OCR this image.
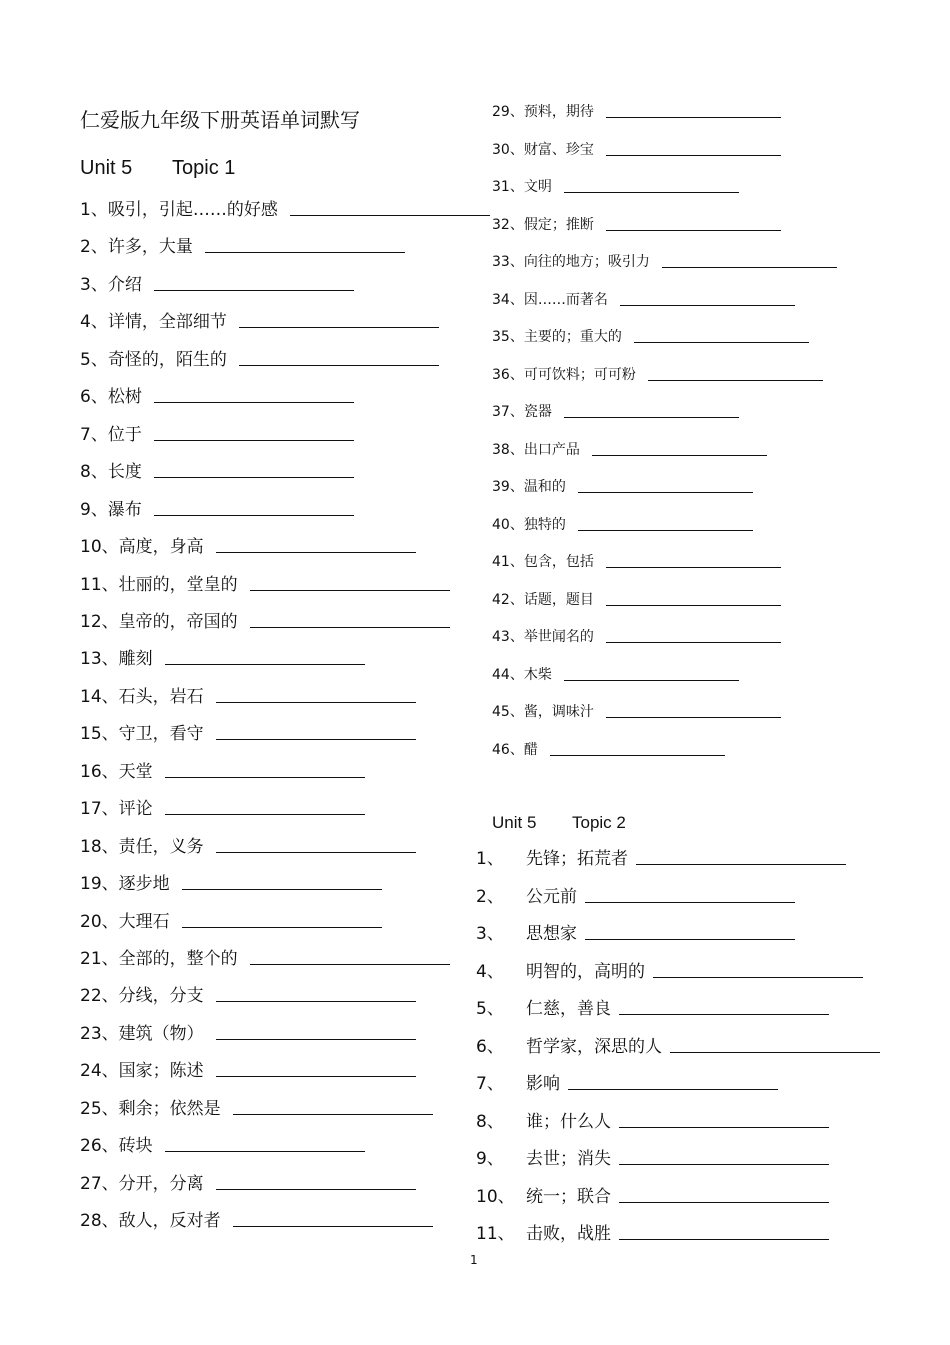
仁爱版九年级下册英语单词默写
Unit 5 Topic 1
Unit 5 Topic 2
1
1、吸引，引起……的好感
2、许多，大量
3、介绍
4、详情，全部细节
5、奇怪的，陌生的
6、松树
7、位于
8、长度
9、瀑布
10、高度，身高
11、壮丽的，堂皇的
12、皇帝的，帝国的
13、雕刻
14、石头，岩石
15、守卫，看守
16、天堂
17、评论
18、责任，义务
19、逐步地
20、大理石
21、全部的，整个的
22、分线，分支
23、建筑（物）
24、国家；陈述
25、剩余；依然是
26、砖块
27、分开，分离
28、敌人，反对者
29、预料，期待
30、财富、珍宝
31、文明
32、假定；推断
33、向往的地方；吸引力
34、因……而著名
35、主要的；重大的
36、可可饮料；可可粉
37、瓷器
38、出口产品
39、温和的
40、独特的
41、包含，包括
42、话题，题目
43、举世闻名的
44、木柴
45、酱，调味汁
46、醋
1、	先锋；拓荒者
2、	公元前
3、	思想家
4、	明智的，高明的
5、	仁慈，善良
6、	哲学家，深思的人
7、	影响
8、	谁；什么人
9、	去世；消失
10、 统一；联合
11、 击败，战胜
